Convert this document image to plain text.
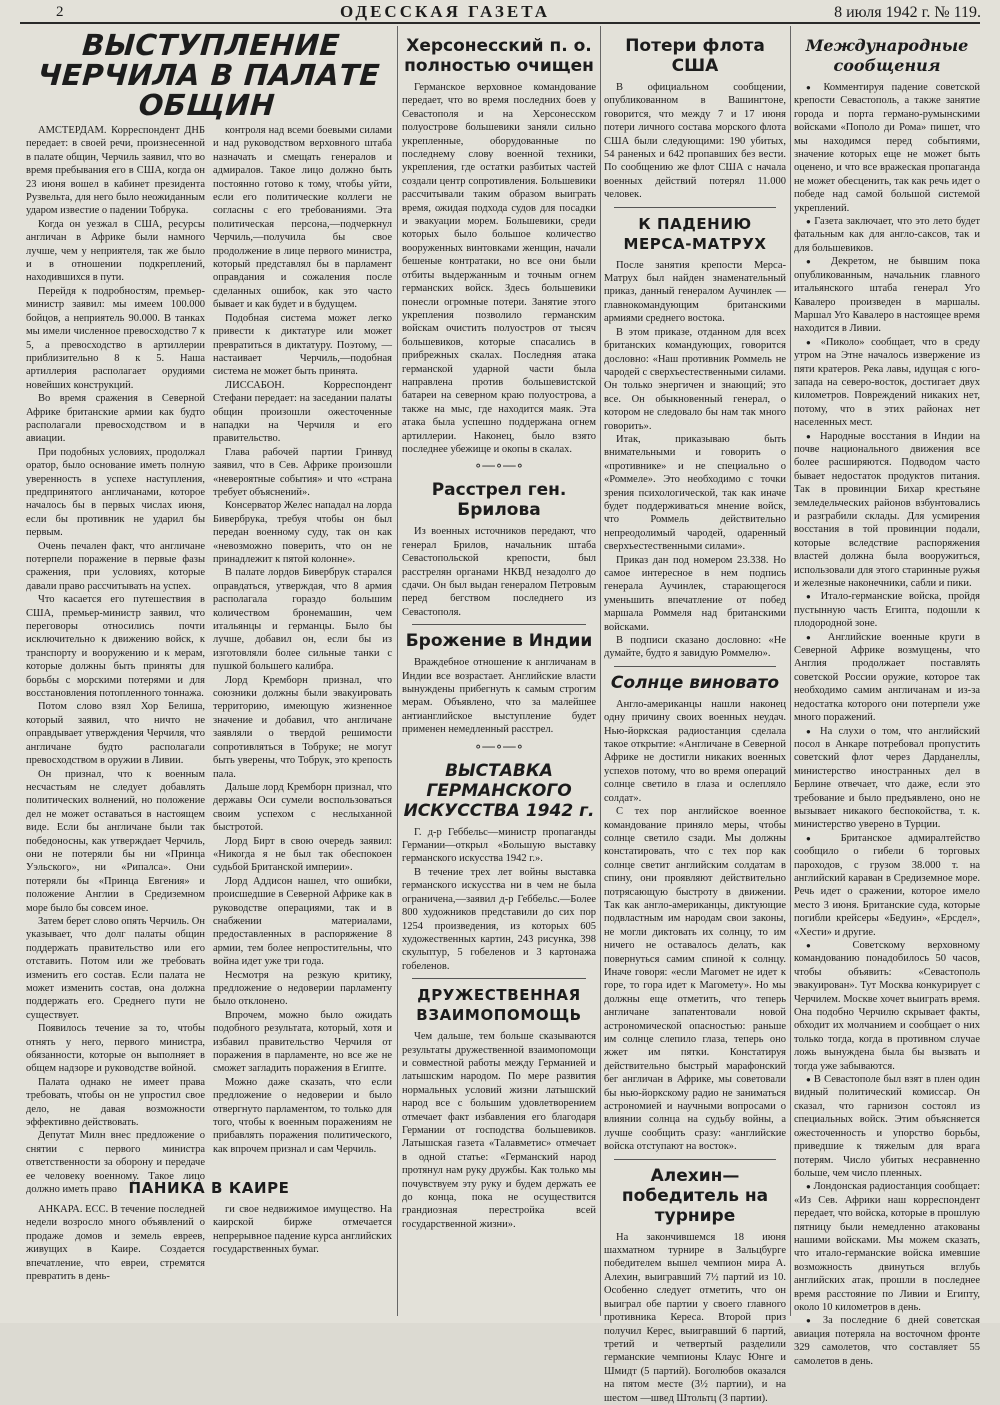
2	ОДЕССКАЯ ГАЗЕТА	8 июля 1942 г. № 119.
ВЫСТУПЛЕНИЕ ЧЕРЧИЛА В ПАЛАТЕ ОБЩИН

АМСТЕРДАМ. Корреспондент ДНБ передает: в своей речи, произнесенной в палате общин, Черчиль заявил, что во время пребывания его в США, когда он 23 июня вошел в кабинет президента Рузвельта, для него было неожиданным ударом известие о падении Тобрука.

Когда он уезжал в США, ресурсы англичан в Африке были намного лучше, чем у неприятеля, так же было и в отношении подкреплений, находившихся в пути.

Перейдя к подробностям, премьер-министр заявил: мы имеем 100.000 бойцов, а неприятель 90.000. В танках мы имели численное превосходство 7 к 5, а превосходство в артиллерии приблизительно 8 к 5. Наша артиллерия располагает орудиями новейших конструкций.

Во время сражения в Северной Африке британские армии как будто располагали превосходством и в авиации.

При подобных условиях, продолжал оратор, было основание иметь полную уверенность в успехе наступления, предпринятого англичанами, которое началось бы в первых числах июня, если бы противник не ударил бы первым.

Очень печален факт, что англичане потерпели поражение в первые фазы сражения, при условиях, которые давали право рассчитывать на успех.

Что касается его путешествия в США, премьер-министр заявил, что переговоры относились почти исключительно к движению войск, к транспорту и вооружению и к мерам, которые должны быть приняты для борьбы с морскими потерями и для восстановления потопленного тоннажа.

Потом слово взял Хор Белиша, который заявил, что ничто не оправдывает утверждения Черчиля, что англичане будто располагали превосходством в оружии в Ливии.

Он признал, что к военным несчастьям не следует добавлять политических волнений, но положение дел не может оставаться в настоящем виде. Если бы англичане были так победоносны, как утверждает Черчиль, они не потеряли бы ни «Принца Уэльского», ни «Рипалса». Они потеряли бы «Принца Евгения» и положение Англии в Средиземном море было бы совсем иное.

Затем берет слово опять Черчиль. Он указывает, что долг палаты общин поддержать правительство или его отставить. Потом или же требовать изменить его состав. Если палата не может изменить состав, она должна поддержать его. Среднего пути не существует.

Появилось течение за то, чтобы отнять у него, первого министра, обязанности, которые он выполняет в общем надзоре и руководстве войной.

Палата однако не имеет права требовать, чтобы он не упростил свое дело, не давая возможности эффективно действовать.

Депутат Милн внес предложение о снятии с первого министра ответственности за оборону и передаче ее человеку военному. Такое лицо должно иметь право

контроля над всеми боевыми силами и над руководством верховного штаба назначать и смещать генералов и адмиралов. Такое лицо должно быть постоянно готово к тому, чтобы уйти, если его политические коллеги не согласны с его требованиями. Эта политическая персона,—подчеркнул Черчиль,—получила бы свое продолжение в лице первого министра, который представлял бы в парламент оправдания и сожаления после сделанных ошибок, как это часто бывает и как будет и в будущем.

Подобная система может легко привести к диктатуре или может превратиться в диктатуру. Поэтому, —настаивает Черчиль,—подобная система не может быть принята.

ЛИССАБОН. Корреспондент Стефани передает: на заседании палаты общин произошли ожесточенные нападки на Черчиля и его правительство.

Глава рабочей партии Гринвуд заявил, что в Сев. Африке произошли «невероятные события» и что «страна требует объяснений».

Консерватор Желес нападал на лорда Бивербрука, требуя чтобы он был передан военному суду, так он как «невозможно поверить, что он не принадлежит к пятой колонне».

В палате лордов Бивербрук старался оправдаться, утверждая, что 8 армия располагала гораздо большим количеством бронемашин, чем итальянцы и германцы. Было бы лучше, добавил он, если бы из изготовляли более сильные танки с пушкой большего калибра.

Лорд Кремборн признал, что союзники должны были эвакуировать территорию, имеющую жизненное значение и добавил, что англичане заявляли о твердой решимости сопротивляться в Тобруке; не могут быть уверены, что Тобрук, это крепость пала.

Дальше лорд Кремборн признал, что державы Оси сумели воспользоваться своим успехом с неслыханной быстротой.

Лорд Бирт в свою очередь заявил: «Никогда я не был так обеспокоен судьбой Британской империи».

Лорд Аддисон нашел, что ошибки, происшедшие в Северной Африке как в руководстве операциями, так и в снабжении материалами, предоставленных в распоряжение 8 армии, тем более непростительны, что война идет уже три года.

Несмотря на резкую критику, предложение о недоверии парламенту было отклонено.

Впрочем, можно было ожидать подобного результата, который, хотя и избавил правительство Черчиля от поражения в парламенте, но все же не сможет загладить поражения в Египте.

Можно даже сказать, что если предложение о недоверии и было отвергнуто парламентом, то только для того, чтобы к военным поражениям не прибавлять поражения политического, как впрочем признал и сам Черчиль.

ПАНИКА В КАИРЕ

АНКАРА. ЕСС. В течение последней недели возросло много объявлений о продаже домов и земель евреев, живущих в Каире. Создается впечатление, что евреи, стремятся превратить в день-

ги свое недвижимое имущество. На каирской бирже отмечается непрерывное падение курса английских государственных бумаг.

Херсонесский п. о. полностью очищен

Германское верховное командование передает, что во время последних боев у Севастополя и на Херсонесском полуострове большевики заняли сильно укрепленные, оборудованные по последнему слову военной техники, укрепления, где остатки разбитых частей создали центр сопротивления. Большевики рассчитывали таким образом выиграть время, ожидая подхода судов для посадки и эвакуации морем. Большевики, среди которых было большое количество вооруженных винтовками женщин, начали бешеные контратаки, но все они были отбиты выдержанным и точным огнем германских войск. Здесь большевики понесли огромные потери. Занятие этого укрепления позволило германским войскам очистить полуостров от тысяч большевиков, которые спасались в прибрежных скалах. Последняя атака германской ударной части была направлена против большевистской батареи на северном краю полуострова, а также на мыс, где находится маяк. Эта атака была успешно поддержана огнем артиллерии. Наконец, было взято последнее убежище и окопы в скалах.

∘—∘—∘
Расстрел ген. Брилова

Из военных источников передают, что генерал Брилов, начальник штаба Севастопольской крепости, был расстрелян органами НКВД незадолго до сдачи. Он был выдан генералом Петровым перед бегством последнего из Севастополя.

Брожение в Индии

Враждебное отношение к англичанам в Индии все возрастает. Английские власти вынуждены прибегнуть к самым строгим мерам. Объявлено, что за малейшее антианглийское выступление будет применен немедленный расстрел.

∘—∘—∘
ВЫСТАВКА ГЕРМАНСКОГО ИСКУССТВА 1942 г.

Г. д-р Геббельс—министр пропаганды Германии—открыл «Большую выставку германского искусства 1942 г.».

В течение трех лет войны выставка германского искусства ни в чем не была ограничена,—заявил д-р Геббельс.—Более 800 художников представили до сих пор 1254 произведения, из которых 605 художественных картин, 243 рисунка, 398 скульптур, 5 гобеленов и 3 картонажа гобеленов.

ДРУЖЕСТВЕННАЯ ВЗАИМОПОМОЩЬ

Чем дальше, тем больше сказываются результаты дружественной взаимопомощи и совместной работы между Германией и латышским народом. По мере развития нормальных условий жизни латышский народ все с большим удовлетворением отмечает факт избавления его благодаря Германии от господства большевиков. Латышская газета «Талавметис» отмечает в одной статье: «Германский народ протянул нам руку дружбы. Как только мы почувствуем эту руку и будем держать ее до конца, пока не осуществится грандиозная перестройка всей государственной жизни».

Потери флота США

В официальном сообщении, опубликованном в Вашингтоне, говорится, что между 7 и 17 июня потери личного состава морского флота США были следующими: 190 убитых, 54 раненых и 642 пропавших без вести. По сообщению же флот США с начала военных действий потерял 11.000 человек.

К ПАДЕНИЮ МЕРСА-МАТРУХ

После занятия крепости Мерса-Матрух был найден знаменательный приказ, данный генералом Аучинлек — главнокомандующим британскими армиями среднего востока.

В этом приказе, отданном для всех британских командующих, говорится дословно: «Наш противник Роммель не чародей с сверхъестественными силами. Он только энергичен и знающий; это все. Он обыкновенный генерал, о котором не следовало бы нам так много говорить».

Итак, приказываю быть внимательными и говорить о «противнике» и не специально о «Роммеле». Это необходимо с точки зрения психологической, так как иначе будет поддерживаться мнение войск, что Роммель действительно непреодолимый чародей, одаренный сверхъестественными силами».

Приказ дан под номером 23.338. Но самое интересное в нем подпись генерала Аучинлек, старающегося уменьшить впечатление от побед маршала Роммеля над британскими войсками.

В подписи сказано дословно: «Не думайте, будто я завидую Роммелю».

Солнце виновато

Англо-американцы нашли наконец одну причину своих военных неудач. Нью-йоркская радиостанция сделала такое открытие: «Англичане в Северной Африке не достигли никаких военных успехов потому, что во время операций солнце светило в глаза и ослепляло солдат».

С тех пор английское военное командование приняло меры, чтобы солнце светило сзади. Мы должны констатировать, что с тех пор как солнце светит английским солдатам в спину, они проявляют действительно потрясающую быстроту в движении. Так как англо-американцы, диктующие подвластным им народам свои законы, не могли диктовать их солнцу, то им ничего не оставалось делать, как повернуться самим спиной к солнцу. Иначе говоря: «если Магомет не идет к горе, то гора идет к Магомету». Но мы должны еще отметить, что теперь англичане запатентовали новой астрономической опасностью: раньше им солнце слепило глаза, теперь оно жжет им пятки. Констатируя действительно быстрый марафонский бег англичан в Африке, мы советовали бы нью-йоркскому радио не заниматься астрономией и научными вопросами о влиянии солнца на судьбу войны, а лучше сообщить сразу: «английские войска отступают на восток».

Алехин—победитель на турнире

На закончившемся 18 июня шахматном турнире в Зальцбурге победителем вышел чемпион мира А. Алехин, выигравший 7½ партий из 10. Особенно следует отметить, что он выиграл обе партии у своего главного противника Кереса. Второй приз получил Керес, выигравший 6 партий, третий и четвертый разделили германские чемпионы Клаус Юнге и Шмидт (5 партий). Боголюбов оказался на пятом месте (3½ партии), и на шестом —швед Штольтц (3 партии).

Международные сообщения

● Комментируя падение советской крепости Севастополь, а также занятие города и порта германо-румынскими войсками «Пополо ди Рома» пишет, что мы находимся перед событиями, значение которых еще не может быть оценено, и что все вражеская пропаганда не может обесценить, так как речь идет о победе над самой большой системой укреплений.

● Газета заключает, что это лето будет фатальным как для англо-саксов, так и для большевиков.

● Декретом, не бывшим пока опубликованным, начальник главного итальянского штаба генерал Уго Кавалеро произведен в маршалы. Маршал Уго Кавалеро в настоящее время находится в Ливии.

● «Пиколо» сообщает, что в среду утром на Этне началось извержение из пяти кратеров. Река лавы, идущая с юго-запада на северо-восток, достигает двух километров. Повреждений никаких нет, потому, что в этих районах нет населенных мест.

● Народные восстания в Индии на почве национального движения все более расширяются. Подводом часто бывает недостаток продуктов питания. Так в провинции Бихар крестьяне земледельческих районов взбунтовались и разграбили склады. Для усмирения восстания в той провинции подали, которые вследствие распоряжения властей должна была вооружиться, использовали для этого старинные ружья и железные наконечники, сабли и пики.

● Итало-германские войска, пройдя пустынную часть Египта, подошли к плодородной зоне.

● Английские военные круги в Северной Африке возмущены, что Англия продолжает поставлять советской России оружие, которое так необходимо самим англичанам и из-за недостатка которого они потерпели уже много поражений.

● На слухи о том, что английский посол в Анкаре потребовал пропустить советский флот через Дарданеллы, министерство иностранных дел в Берлине отвечает, что даже, если это требование и было предъявлено, оно не вызывает никакого беспокойства, т. к. министерство уверено в Турции.

● Британское адмиралтейство сообщило о гибели 6 торговых пароходов, с грузом 38.000 т. на английский караван в Средиземное море. Речь идет о сражении, которое имело место 3 июня. Британские суда, которые погибли крейсеры «Бедуин», «Ерсдел», «Хести» и другие.

● Советскому верховному командованию понадобилось 50 часов, чтобы объявить: «Севастополь эвакуирован». Тут Москва конкурирует с Черчилем. Москве хочет выиграть время. Она подобно Черчилю скрывает факты, обходит их молчанием и сообщает о них только тогда, когда в противном случае ложь вынуждена была бы вызвать и тогда уже забываются.

● В Севастополе был взят в плен один видный политический комиссар. Он сказал, что гарнизон состоял из специальных войск. Этим объясняется ожесточенность и упорство борьбы, приведшие к тяжелым для врага потерям. Число убитых несравненно больше, чем число пленных.

● Лондонская радиостанция сообщает: «Из Сев. Африки наш корреспондент передает, что войска, которые в прошлую пятницу были немедленно атакованы нашими войсками. Мы можем сказать, что итало-германские войска имевшие возможность двинуться вглубь английских атак, прошли в последнее время расстояние по Ливии и Египту, около 10 километров в день.

● За последние 6 дней советская авиация потеряла на восточном фронте 329 самолетов, что составляет 55 самолетов в день.
